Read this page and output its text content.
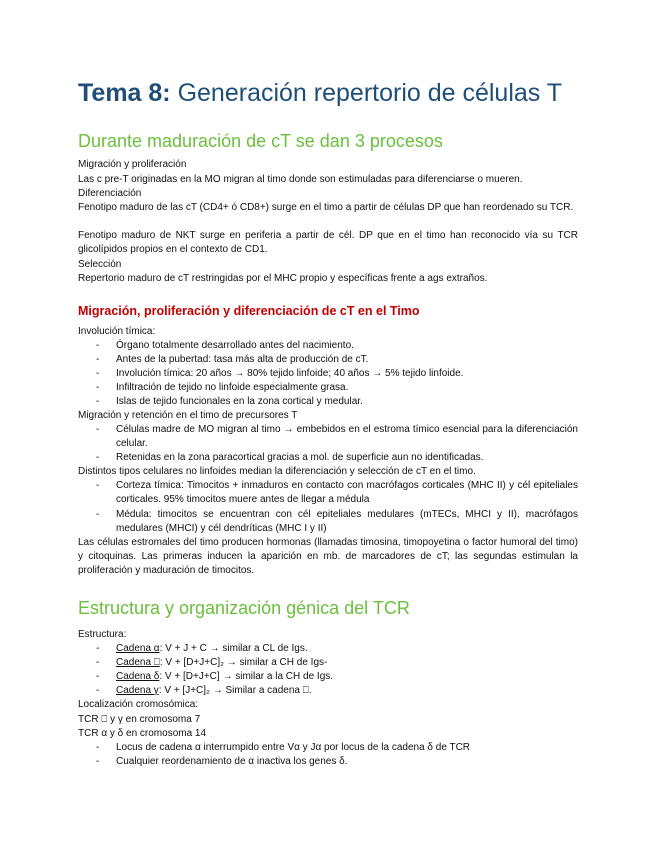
Tema 8: Generación repertorio de células T
Durante maduración de cT se dan 3 procesos
Migración y proliferación
Las c pre-T originadas en la MO migran al timo donde son estimuladas para diferenciarse o mueren.
Diferenciación
Fenotipo maduro de las cT (CD4+ ó CD8+) surge en el timo a partir de células DP que han reordenado su TCR.
Fenotipo maduro de NKT surge en periferia a partir de cél. DP que en el timo han reconocido vía su TCR glicolípidos propios en el contexto de CD1.
Selección
Repertorio maduro de cT restringidas por el MHC propio y específicas frente a ags extraños.
Migración, proliferación y diferenciación de cT en el Timo
Involución tímica:
- Órgano totalmente desarrollado antes del nacimiento.
- Antes de la pubertad: tasa más alta de producción de cT.
- Involución tímica: 20 años → 80% tejido linfoide; 40 años → 5% tejido linfoide.
- Infiltración de tejido no linfoide especialmente grasa.
- Islas de tejido funcionales en la zona cortical y medular.
Migración y retención en el timo de precursores T
- Células madre de MO migran al timo → embebidos en el estroma tímico esencial para la diferenciación celular.
- Retenidas en la zona paracortical gracias a mol. de superficie aun no identificadas.
Distintos tipos celulares no linfoides median la diferenciación y selección de cT en el timo.
- Corteza tímica: Timocitos + inmaduros en contacto con macrófagos corticales (MHC II) y cél epiteliales corticales. 95% timocitos muere antes de llegar a médula
- Médula: timocitos se encuentran con cél epiteliales medulares (mTECs, MHCI y II), macrófagos medulares (MHCI) y cél dendríticas (MHC I y II)
Las células estromales del timo producen hormonas (llamadas timosina, timopoyetina o factor humoral del timo) y citoquinas. Las primeras inducen la aparición en mb. de marcadores de cT; las segundas estimulan la proliferación y maduración de timocitos.
Estructura y organización génica del TCR
Estructura:
- Cadena α: V + J + C → similar a CL de Igs.
- Cadena ⎕: V + [D+J+C]₂ → similar a CH de Igs-
- Cadena δ: V + [D+J+C] → similar a la CH de Igs.
- Cadena γ: V + [J+C]₂ → Similar a cadena ⎕.
Localización cromosómica:
TCR ⎕ y γ en cromosoma 7
TCR α y δ en cromosoma 14
- Locus de cadena α interrumpido entre Vα y Jα por locus de la cadena δ de TCR
- Cualquier reordenamiento de α inactiva los genes δ.
